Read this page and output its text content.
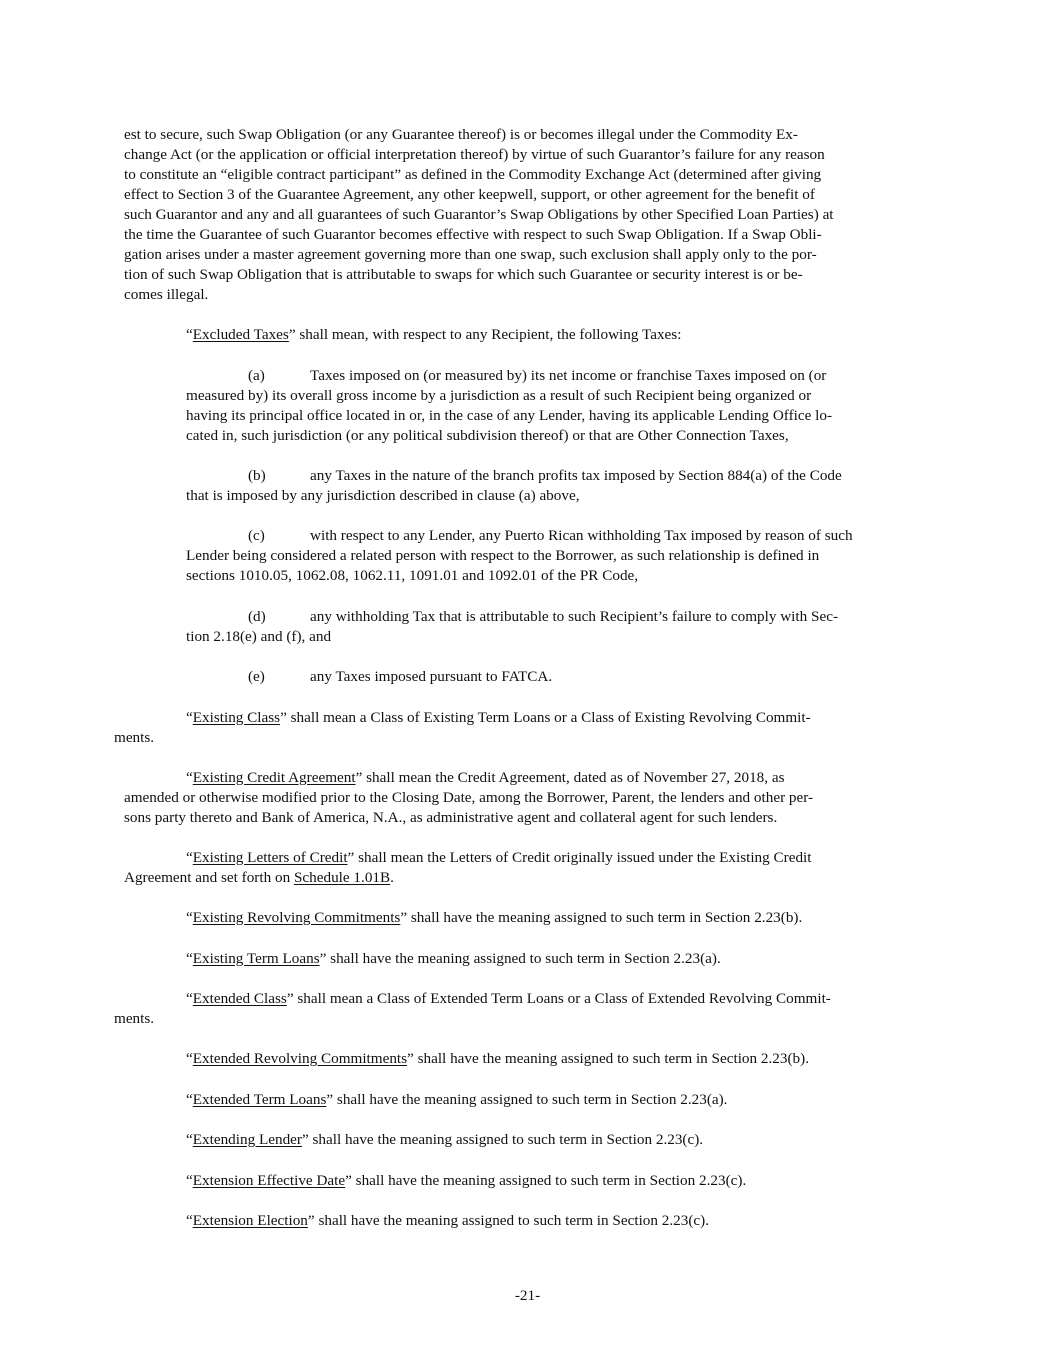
est to secure, such Swap Obligation (or any Guarantee thereof) is or becomes illegal under the Commodity Ex-
change Act (or the application or official interpretation thereof) by virtue of such Guarantor’s failure for any reason
to constitute an “eligible contract participant” as defined in the Commodity Exchange Act (determined after giving
effect to Section 3 of the Guarantee Agreement, any other keepwell, support, or other agreement for the benefit of
such Guarantor and any and all guarantees of such Guarantor’s Swap Obligations by other Specified Loan Parties) at
the time the Guarantee of such Guarantor becomes effective with respect to such Swap Obligation. If a Swap Obli-
gation arises under a master agreement governing more than one swap, such exclusion shall apply only to the por-
tion of such Swap Obligation that is attributable to swaps for which such Guarantee or security interest is or be-
comes illegal.
“Excluded Taxes” shall mean, with respect to any Recipient, the following Taxes:
(a)	Taxes imposed on (or measured by) its net income or franchise Taxes imposed on (or
measured by) its overall gross income by a jurisdiction as a result of such Recipient being organized or
having its principal office located in or, in the case of any Lender, having its applicable Lending Office lo-
cated in, such jurisdiction (or any political subdivision thereof) or that are Other Connection Taxes,
(b)	any Taxes in the nature of the branch profits tax imposed by Section 884(a) of the Code
that is imposed by any jurisdiction described in clause (a) above,
(c)	with respect to any Lender, any Puerto Rican withholding Tax imposed by reason of such
Lender being considered a related person with respect to the Borrower, as such relationship is defined in
sections 1010.05, 1062.08, 1062.11, 1091.01 and 1092.01 of the PR Code,
(d)	any withholding Tax that is attributable to such Recipient’s failure to comply with Sec-
tion 2.18(e) and (f), and
(e)	any Taxes imposed pursuant to FATCA.
“Existing Class” shall mean a Class of Existing Term Loans or a Class of Existing Revolving Commit-
ments.
“Existing Credit Agreement” shall mean the Credit Agreement, dated as of November 27, 2018, as
amended or otherwise modified prior to the Closing Date, among the Borrower, Parent, the lenders and other per-
sons party thereto and Bank of America, N.A., as administrative agent and collateral agent for such lenders.
“Existing Letters of Credit” shall mean the Letters of Credit originally issued under the Existing Credit
Agreement and set forth on Schedule 1.01B.
“Existing Revolving Commitments” shall have the meaning assigned to such term in Section 2.23(b).
“Existing Term Loans” shall have the meaning assigned to such term in Section 2.23(a).
“Extended Class” shall mean a Class of Extended Term Loans or a Class of Extended Revolving Commit-
ments.
“Extended Revolving Commitments” shall have the meaning assigned to such term in Section 2.23(b).
“Extended Term Loans” shall have the meaning assigned to such term in Section 2.23(a).
“Extending Lender” shall have the meaning assigned to such term in Section 2.23(c).
“Extension Effective Date” shall have the meaning assigned to such term in Section 2.23(c).
“Extension Election” shall have the meaning assigned to such term in Section 2.23(c).
-21-
